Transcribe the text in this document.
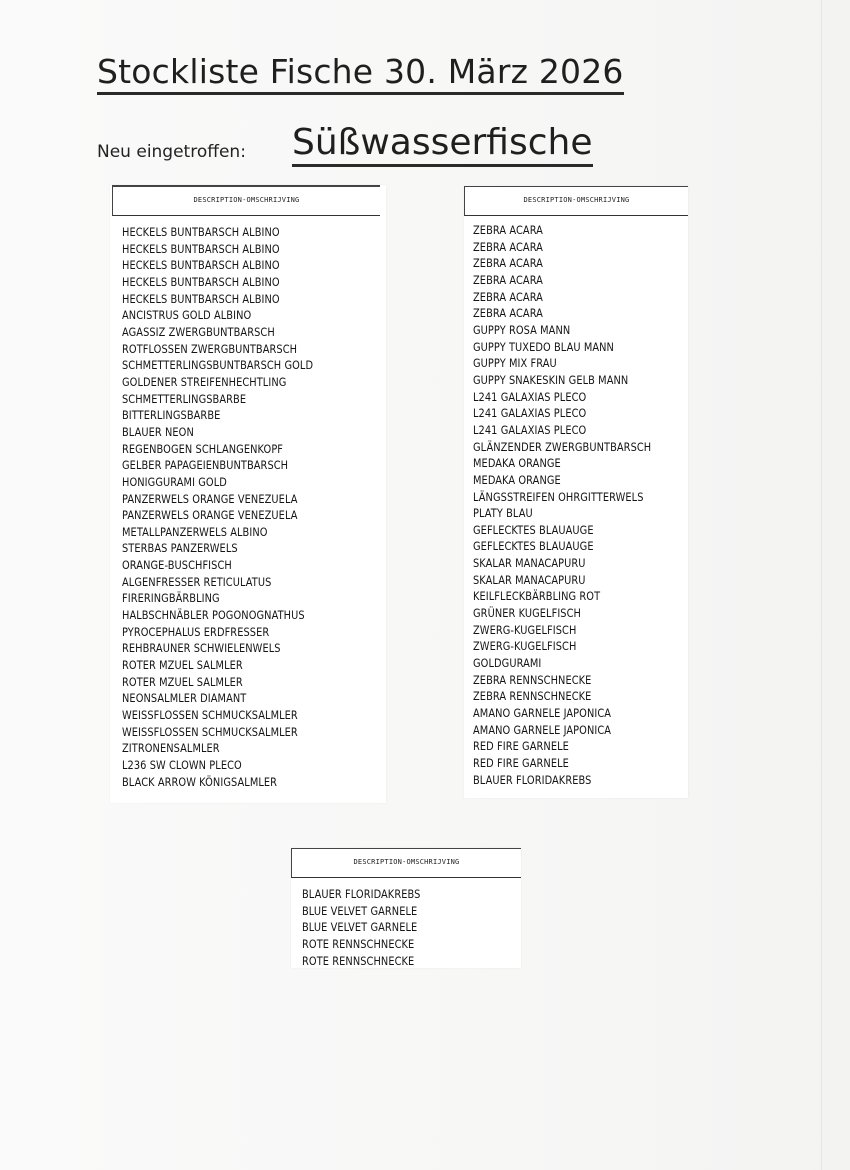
Stockliste Fische 30. März 2026
Neu eingetroffen: Süßwasserfische
DESCRIPTION-OMSCHRIJVING
HECKELS BUNTBARSCH ALBINO
HECKELS BUNTBARSCH ALBINO
HECKELS BUNTBARSCH ALBINO
HECKELS BUNTBARSCH ALBINO
HECKELS BUNTBARSCH ALBINO
ANCISTRUS GOLD ALBINO
AGASSIZ ZWERGBUNTBARSCH
ROTFLOSSEN ZWERGBUNTBARSCH
SCHMETTERLINGSBUNTBARSCH GOLD
GOLDENER STREIFENHECHTLING
SCHMETTERLINGSBARBE
BITTERLINGSBARBE
BLAUER NEON
REGENBOGEN SCHLANGENKOPF
GELBER PAPAGEIENBUNTBARSCH
HONIGGURAMI GOLD
PANZERWELS ORANGE VENEZUELA
PANZERWELS ORANGE VENEZUELA
METALLPANZERWELS ALBINO
STERBAS PANZERWELS
ORANGE-BUSCHFISCH
ALGENFRESSER RETICULATUS
FIRERINGBÄRBLING
HALBSCHNÄBLER POGONOGNATHUS
PYROCEPHALUS ERDFRESSER
REHBRAUNER SCHWIELENWELS
ROTER MZUEL SALMLER
ROTER MZUEL SALMLER
NEONSALMLER DIAMANT
WEISSFLOSSEN SCHMUCKSALMLER
WEISSFLOSSEN SCHMUCKSALMLER
ZITRONENSALMLER
L236 SW CLOWN PLECO
BLACK ARROW KÖNIGSALMLER
DESCRIPTION-OMSCHRIJVING
ZEBRA ACARA
ZEBRA ACARA
ZEBRA ACARA
ZEBRA ACARA
ZEBRA ACARA
ZEBRA ACARA
GUPPY ROSA MANN
GUPPY TUXEDO BLAU MANN
GUPPY MIX FRAU
GUPPY SNAKESKIN GELB MANN
L241 GALAXIAS PLECO
L241 GALAXIAS PLECO
L241 GALAXIAS PLECO
GLÄNZENDER ZWERGBUNTBARSCH
MEDAKA ORANGE
MEDAKA ORANGE
LÄNGSSTREIFEN OHRGITTERWELS
PLATY BLAU
GEFLECKTES BLAUAUGE
GEFLECKTES BLAUAUGE
SKALAR MANACAPURU
SKALAR MANACAPURU
KEILFLECKBÄRBLING ROT
GRÜNER KUGELFISCH
ZWERG-KUGELFISCH
ZWERG-KUGELFISCH
GOLDGURAMI
ZEBRA RENNSCHNECKE
ZEBRA RENNSCHNECKE
AMANO GARNELE JAPONICA
AMANO GARNELE JAPONICA
RED FIRE GARNELE
RED FIRE GARNELE
BLAUER FLORIDAKREBS
DESCRIPTION-OMSCHRIJVING
BLAUER FLORIDAKREBS
BLUE VELVET GARNELE
BLUE VELVET GARNELE
ROTE RENNSCHNECKE
ROTE RENNSCHNECKE
